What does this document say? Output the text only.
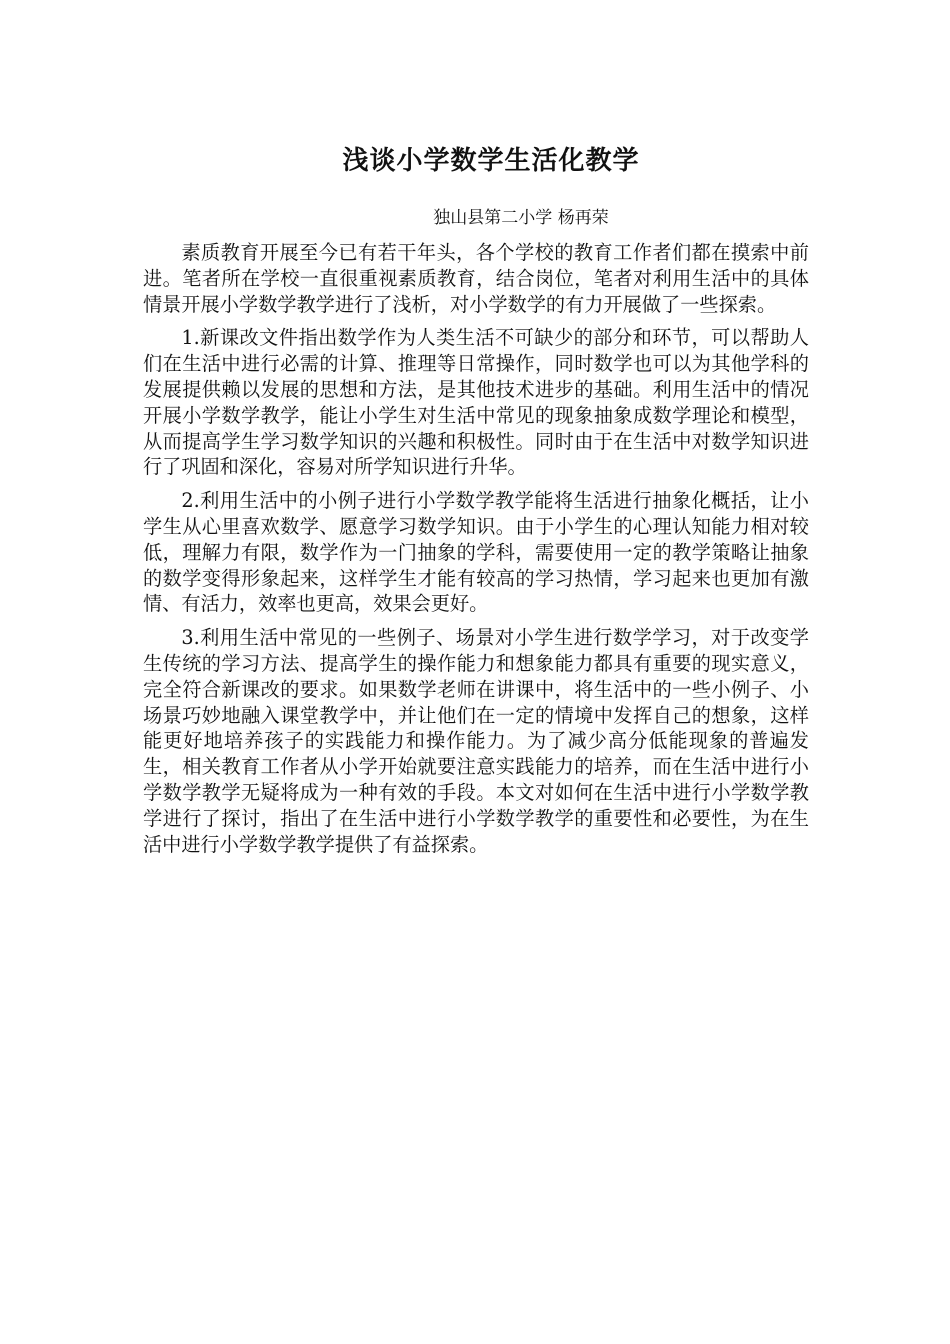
浅谈小学数学生活化教学
独山县第二小学 杨再荣

素质教育开展至今已有若干年头，各个学校的教育工作者们都在摸索中前进。笔者所在学校一直很重视素质教育，结合岗位，笔者对利用生活中的具体情景开展小学数学教学进行了浅析，对小学数学的有力开展做了一些探索。

1.新课改文件指出数学作为人类生活不可缺少的部分和环节，可以帮助人们在生活中进行必需的计算、推理等日常操作，同时数学也可以为其他学科的发展提供赖以发展的思想和方法，是其他技术进步的基础。利用生活中的情况开展小学数学教学，能让小学生对生活中常见的现象抽象成数学理论和模型，从而提高学生学习数学知识的兴趣和积极性。同时由于在生活中对数学知识进行了巩固和深化，容易对所学知识进行升华。

2.利用生活中的小例子进行小学数学教学能将生活进行抽象化概括，让小学生从心里喜欢数学、愿意学习数学知识。由于小学生的心理认知能力相对较低，理解力有限，数学作为一门抽象的学科，需要使用一定的教学策略让抽象的数学变得形象起来，这样学生才能有较高的学习热情，学习起来也更加有激情、有活力，效率也更高，效果会更好。

3.利用生活中常见的一些例子、场景对小学生进行数学学习，对于改变学生传统的学习方法、提高学生的操作能力和想象能力都具有重要的现实意义，完全符合新课改的要求。如果数学老师在讲课中，将生活中的一些小例子、小场景巧妙地融入课堂教学中，并让他们在一定的情境中发挥自己的想象，这样能更好地培养孩子的实践能力和操作能力。为了减少高分低能现象的普遍发生，相关教育工作者从小学开始就要注意实践能力的培养，而在生活中进行小学数学教学无疑将成为一种有效的手段。本文对如何在生活中进行小学数学教学进行了探讨，指出了在生活中进行小学数学教学的重要性和必要性，为在生活中进行小学数学教学提供了有益探索。
